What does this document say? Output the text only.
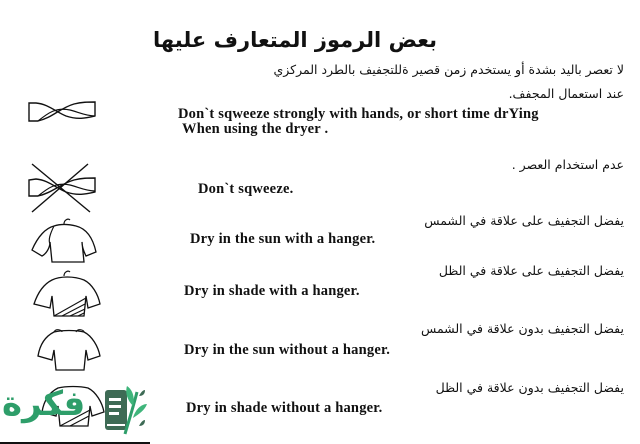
بعض الرموز المتعارف عليها
لا تعصر باليد بشدة أو يستخدم زمن قصير ةللتجفيف بالطرد المركزي
عند استعمال المجفف.
Don`t sqweeze strongly with hands, or short time drYing
When using the dryer .
عدم استخدام العصر .
Don`t sqweeze.
يفضل التجفيف على علاقة في الشمس
Dry in the sun with a hanger.
يفضل التجفيف على علاقة في الظل
Dry in shade with a hanger.
يفضل التجفيف بدون علاقة في الشمس
Dry in the sun without a hanger.
يفضل التجفيف بدون علاقة في الظل
Dry in shade without a hanger.
فكرة
